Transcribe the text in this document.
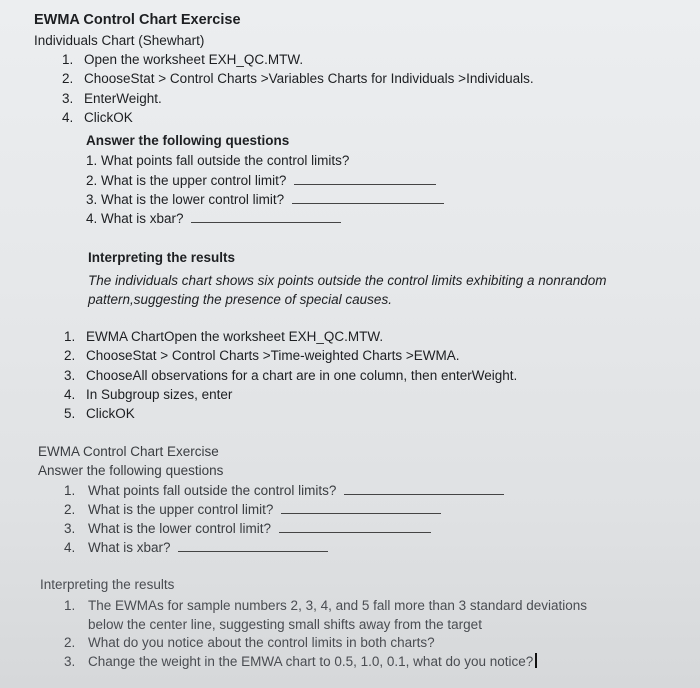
EWMA Control Chart Exercise
Individuals Chart (Shewhart)
1. Open the worksheet EXH_QC.MTW.
2. ChooseStat > Control Charts >Variables Charts for Individuals >Individuals.
3. EnterWeight.
4. ClickOK
Answer the following questions
1. What points fall outside the control limits?
2. What is the upper control limit?
3. What is the lower control limit?
4. What is xbar?
Interpreting the results
The individuals chart shows six points outside the control limits exhibiting a nonrandom
pattern,suggesting the presence of special causes.
1. EWMA ChartOpen the worksheet EXH_QC.MTW.
2. ChooseStat > Control Charts >Time-weighted Charts >EWMA.
3. ChooseAll observations for a chart are in one column, then enterWeight.
4. In Subgroup sizes, enter
5. ClickOK
EWMA Control Chart Exercise
Answer the following questions
1. What points fall outside the control limits?
2. What is the upper control limit?
3. What is the lower control limit?
4. What is xbar?
Interpreting the results
1. The EWMAs for sample numbers 2, 3, 4, and 5 fall more than 3 standard deviations
below the center line, suggesting small shifts away from the target
2. What do you notice about the control limits in both charts?
3. Change the weight in the EMWA chart to 0.5, 1.0, 0.1, what do you notice?
